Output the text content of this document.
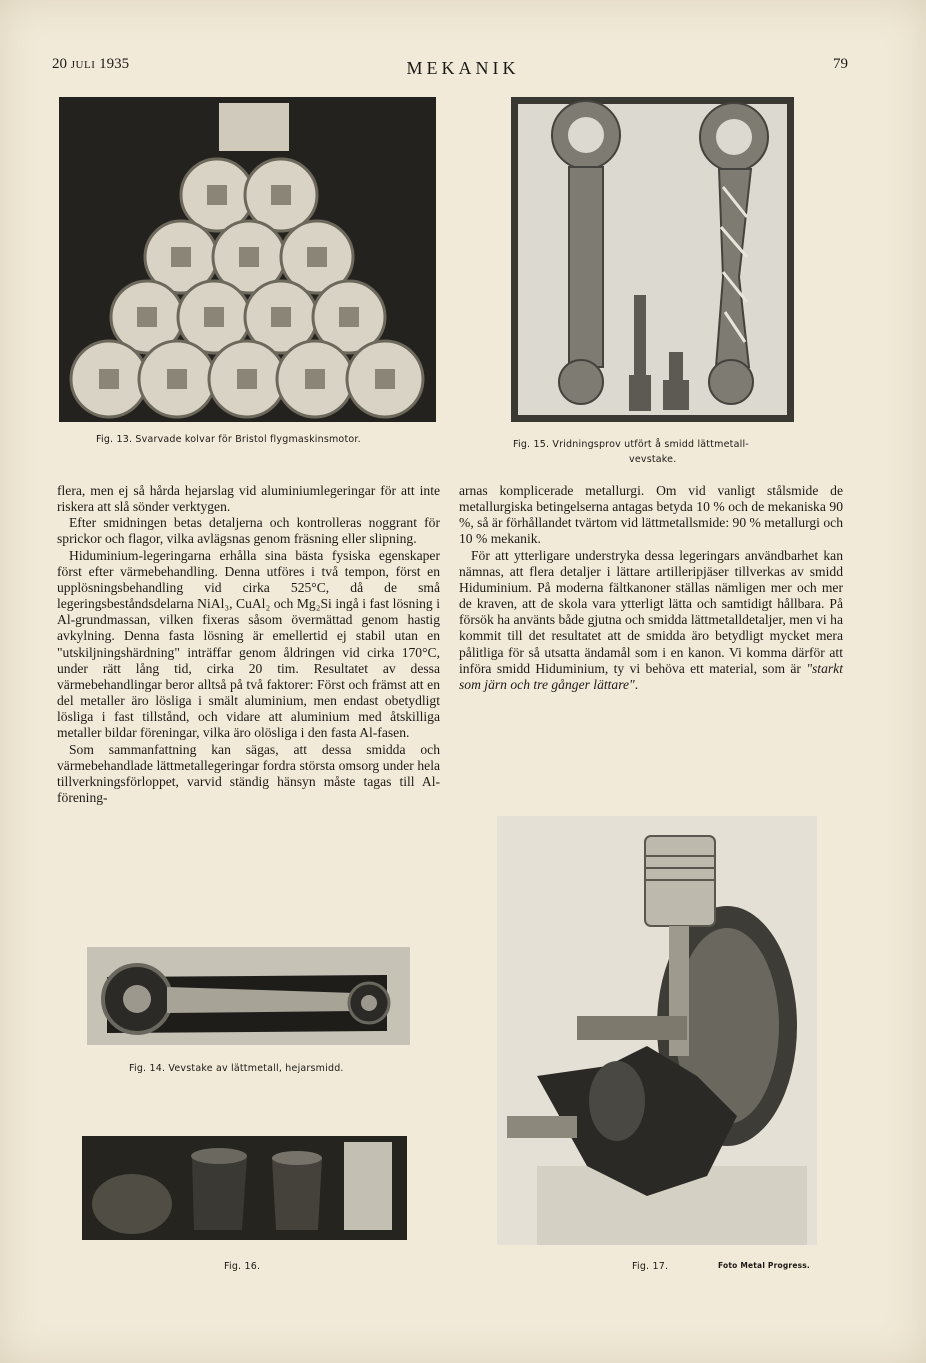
20 JULI 1935	MEKANIK	79
Fig. 13. Svarvade kolvar för Bristol flygmaskinsmotor.	Fig. 15. Vridningsprov utfört å smidd lättmetall-
vevstake.

flera, men ej så hårda hejarslag vid aluminiumlegeringar för att inte riskera att slå sönder verktygen.

Efter smidningen betas detaljerna och kontrolleras noggrant för sprickor och flagor, vilka avlägsnas genom fräsning eller slipning.

Hiduminium-legeringarna erhålla sina bästa fysiska egenskaper först efter värmebehandling. Denna utföres i två tempon, först en upplösningsbehandling vid cirka 525°C, då de små legeringsbeståndsdelarna NiAl₃, CuAl₂ och Mg₂Si ingå i fast lösning i Al-grundmassan, vilken fixeras såsom övermättad genom hastig avkylning. Denna fasta lösning är emellertid ej stabil utan en "utskiljningshärdning" inträffar genom åldringen vid cirka 170°C, under rätt lång tid, cirka 20 tim. Resultatet av dessa värmebehandlingar beror alltså på två faktorer: Först och främst att en del metaller äro lösliga i smält aluminium, men endast obetydligt lösliga i fast tillstånd, och vidare att aluminium med åtskilliga metaller bildar föreningar, vilka äro olösliga i den fasta Al-fasen.

Som sammanfattning kan sägas, att dessa smidda och värmebehandlade lättmetallegeringar fordra största omsorg under hela tillverkningsförloppet, varvid ständig hänsyn måste tagas till Al-förening-

arnas komplicerade metallurgi. Om vid vanligt stålsmide de metallurgiska betingelserna antagas betyda 10 % och de mekaniska 90 %, så är förhållandet tvärtom vid lättmetallsmide: 90 % metallurgi och 10 % mekanik.

För att ytterligare understryka dessa legeringars användbarhet kan nämnas, att flera detaljer i lättare artilleripjäser tillverkas av smidd Hiduminium. På moderna fältkanoner ställas nämligen mer och mer de kraven, att de skola vara ytterligt lätta och samtidigt hållbara. På försök ha använts både gjutna och smidda lättmetalldetaljer, men vi ha kommit till det resultatet att de smidda äro betydligt mycket mera pålitliga för så utsatta ändamål som i en kanon. Vi komma därför att införa smidd Hiduminium, ty vi behöva ett material, som är "starkt som järn och tre gånger lättare".

Fig. 14. Vevstake av lättmetall, hejarsmidd.
Fig. 16.	Fig. 17.	Foto Metal Progress.
